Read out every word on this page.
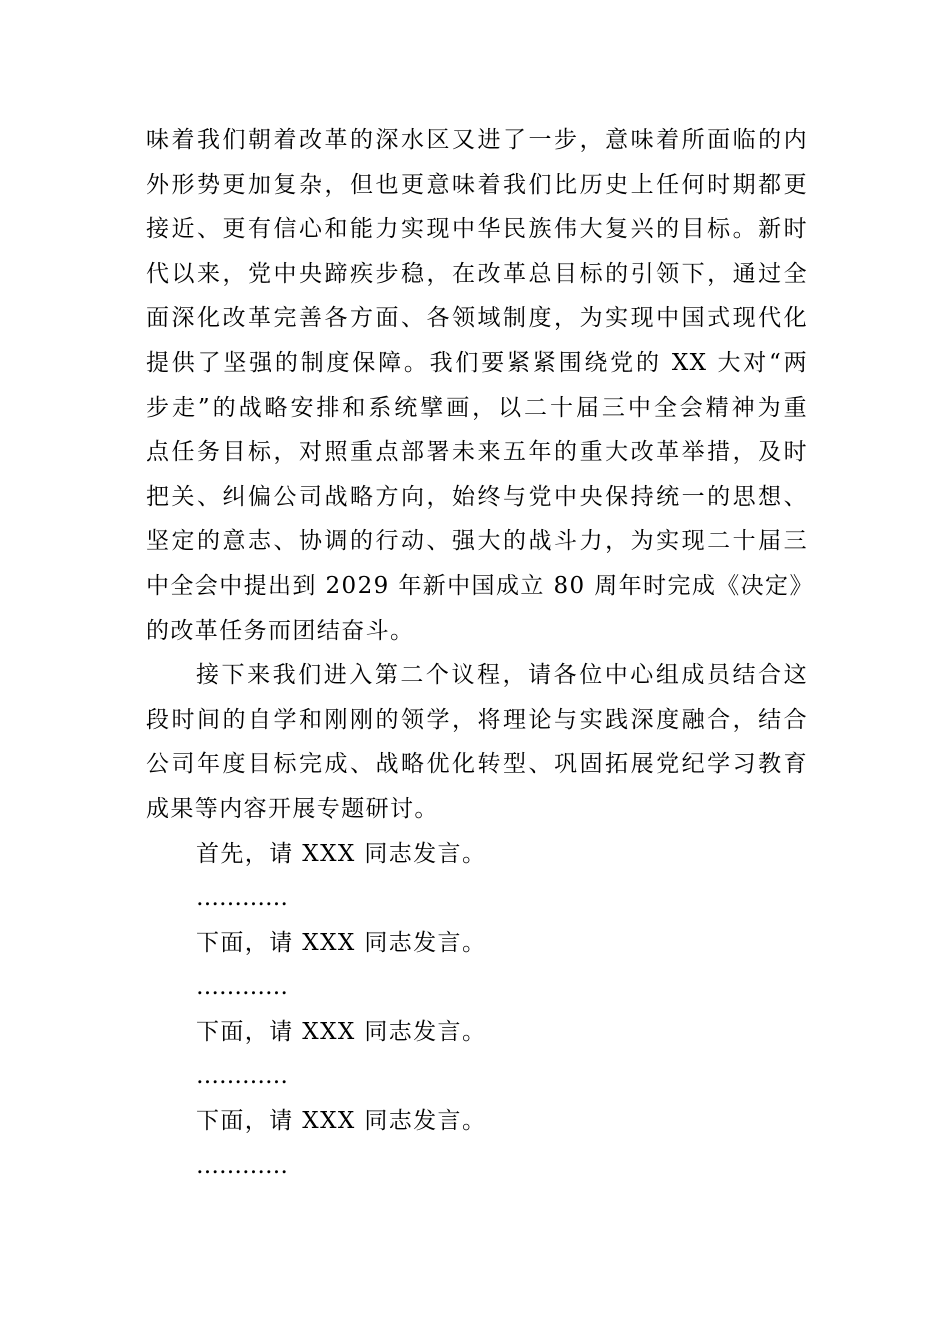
味着我们朝着改革的深水区又进了一步，意味着所面临的内
外形势更加复杂，但也更意味着我们比历史上任何时期都更
接近、更有信心和能力实现中华民族伟大复兴的目标。新时
代以来，党中央蹄疾步稳，在改革总目标的引领下，通过全
面深化改革完善各方面、各领域制度，为实现中国式现代化
提供了坚强的制度保障。我们要紧紧围绕党的 XX 大对“两
步走”的战略安排和系统擘画，以二十届三中全会精神为重
点任务目标，对照重点部署未来五年的重大改革举措，及时
把关、纠偏公司战略方向，始终与党中央保持统一的思想、
坚定的意志、协调的行动、强大的战斗力，为实现二十届三
中全会中提出到 2029 年新中国成立 80 周年时完成《决定》
的改革任务而团结奋斗。
接下来我们进入第二个议程，请各位中心组成员结合这
段时间的自学和刚刚的领学，将理论与实践深度融合，结合
公司年度目标完成、战略优化转型、巩固拓展党纪学习教育
成果等内容开展专题研讨。
首先，请 XXX 同志发言。
…………
下面，请 XXX 同志发言。
…………
下面，请 XXX 同志发言。
…………
下面，请 XXX 同志发言。
…………
